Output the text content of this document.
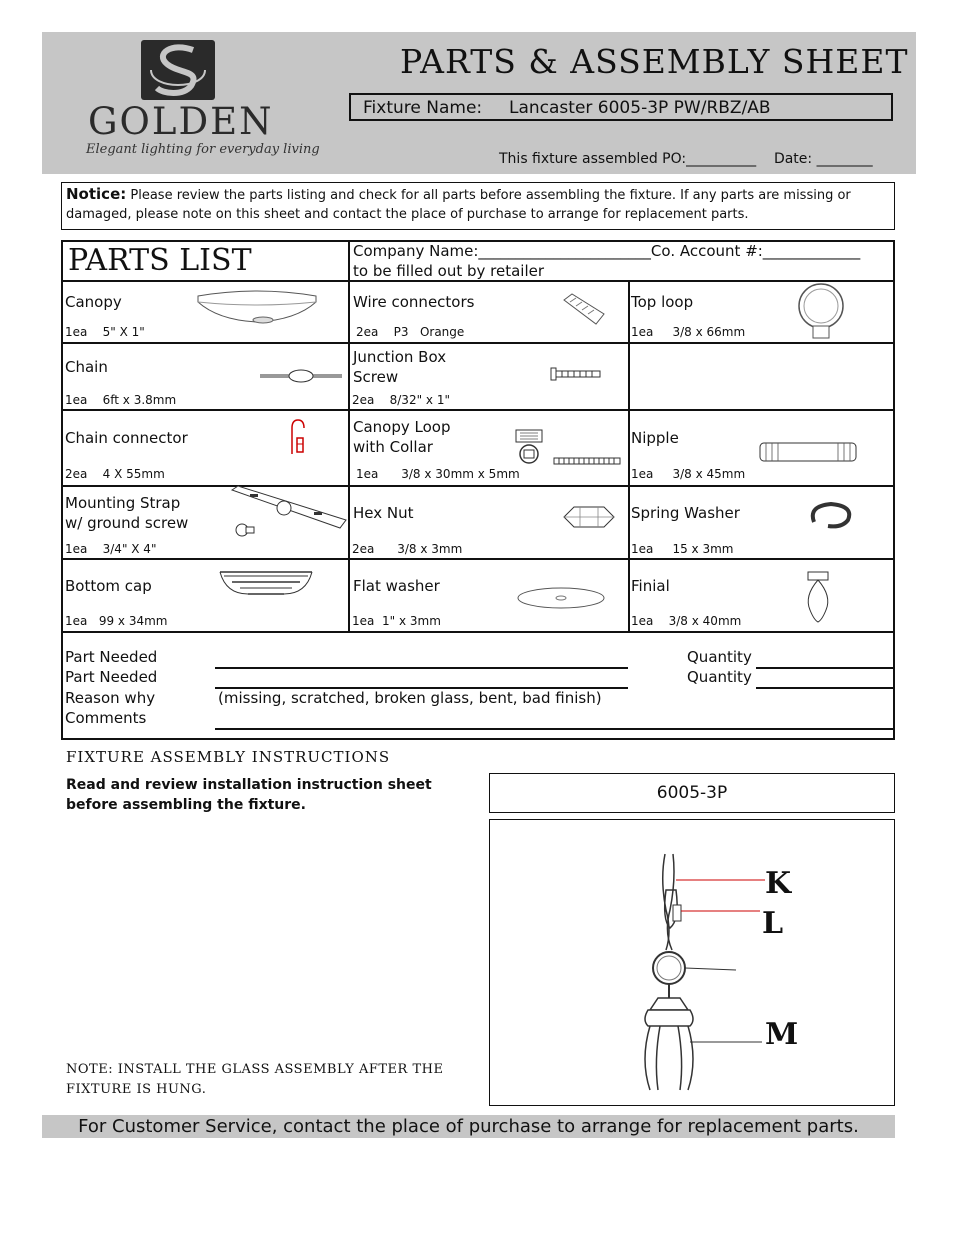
GOLDEN
Elegant lighting for everyday living
PARTS & ASSEMBLY SHEET
Fixture Name: Lancaster 6005-3P PW/RBZ/AB
This fixture assembled PO:__________ Date: ________
Notice: Please review the parts listing and check for all parts before assembling the fixture. If any parts are missing or damaged, please note on this sheet and contact the place of purchase to arrange for replacement parts.
PARTS LIST	Company Name:_______________________Co. Account #:_____________
to be filled out by retailer
Canopy
1ea    5" X 1"
Wire connectors
2ea    P3   Orange
Top loop
1ea     3/8 x 66mm
Chain
1ea    6ft x 3.8mm
Junction Box
Screw
2ea    8/32" x 1"
Chain connector
2ea    4 X 55mm
Canopy Loop
with Collar
1ea      3/8 x 30mm x 5mm
Nipple
1ea     3/8 x 45mm
Mounting Strap
w/ ground screw
1ea    3/4" X 4"
Hex Nut
2ea      3/8 x 3mm
Spring Washer
1ea     15 x 3mm
Bottom cap
1ea   99 x 34mm
Flat washer
1ea  1" x 3mm
Finial
1ea    3/8 x 40mm
Part Needed
Part Needed
Reason why
Comments
(missing, scratched, broken glass, bent, bad finish)
Quantity
Quantity
FIXTURE ASSEMBLY INSTRUCTIONS
Read and review installation instruction sheet before assembling the fixture.
6005-3P
K
L
M
NOTE: INSTALL THE GLASS ASSEMBLY AFTER THE FIXTURE IS HUNG.
For Customer Service, contact the place of purchase to arrange for replacement parts.
